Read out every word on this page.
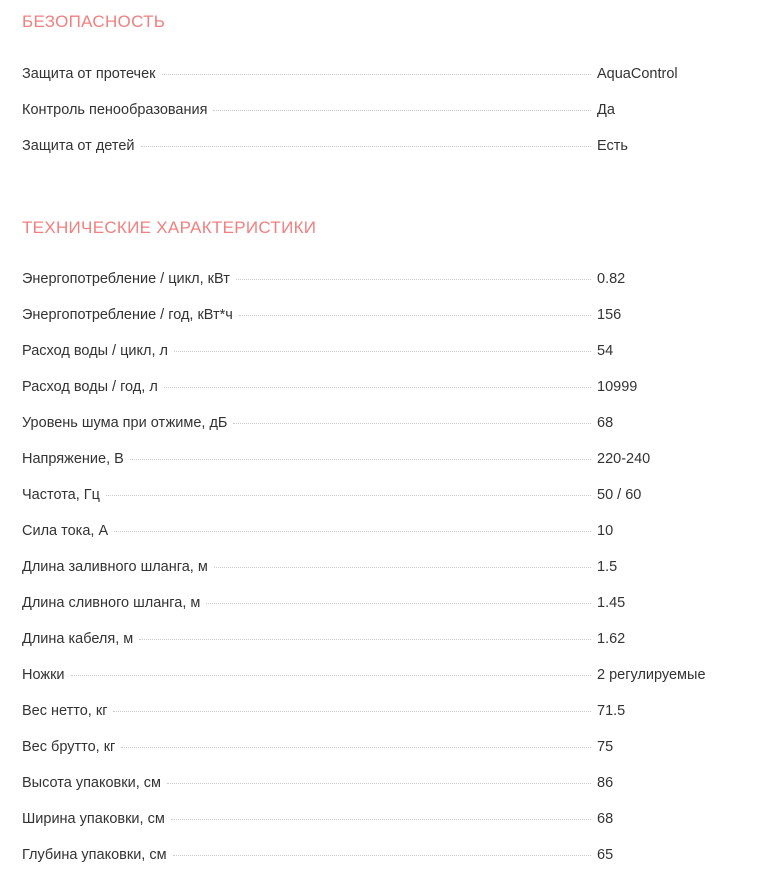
БЕЗОПАСНОСТЬ
Защита от протечек	AquaControl
Контроль пенообразования	Да
Защита от детей	Есть
ТЕХНИЧЕСКИЕ ХАРАКТЕРИСТИКИ
Энергопотребление / цикл, кВт	0.82
Энергопотребление / год, кВт*ч	156
Расход воды / цикл, л	54
Расход воды / год, л	10999
Уровень шума при отжиме, дБ	68
Напряжение, В	220-240
Частота, Гц	50 / 60
Сила тока, А	10
Длина заливного шланга, м	1.5
Длина сливного шланга, м	1.45
Длина кабеля, м	1.62
Ножки	2 регулируемые
Вес нетто, кг	71.5
Вес брутто, кг	75
Высота упаковки, см	86
Ширина упаковки, см	68
Глубина упаковки, см	65
